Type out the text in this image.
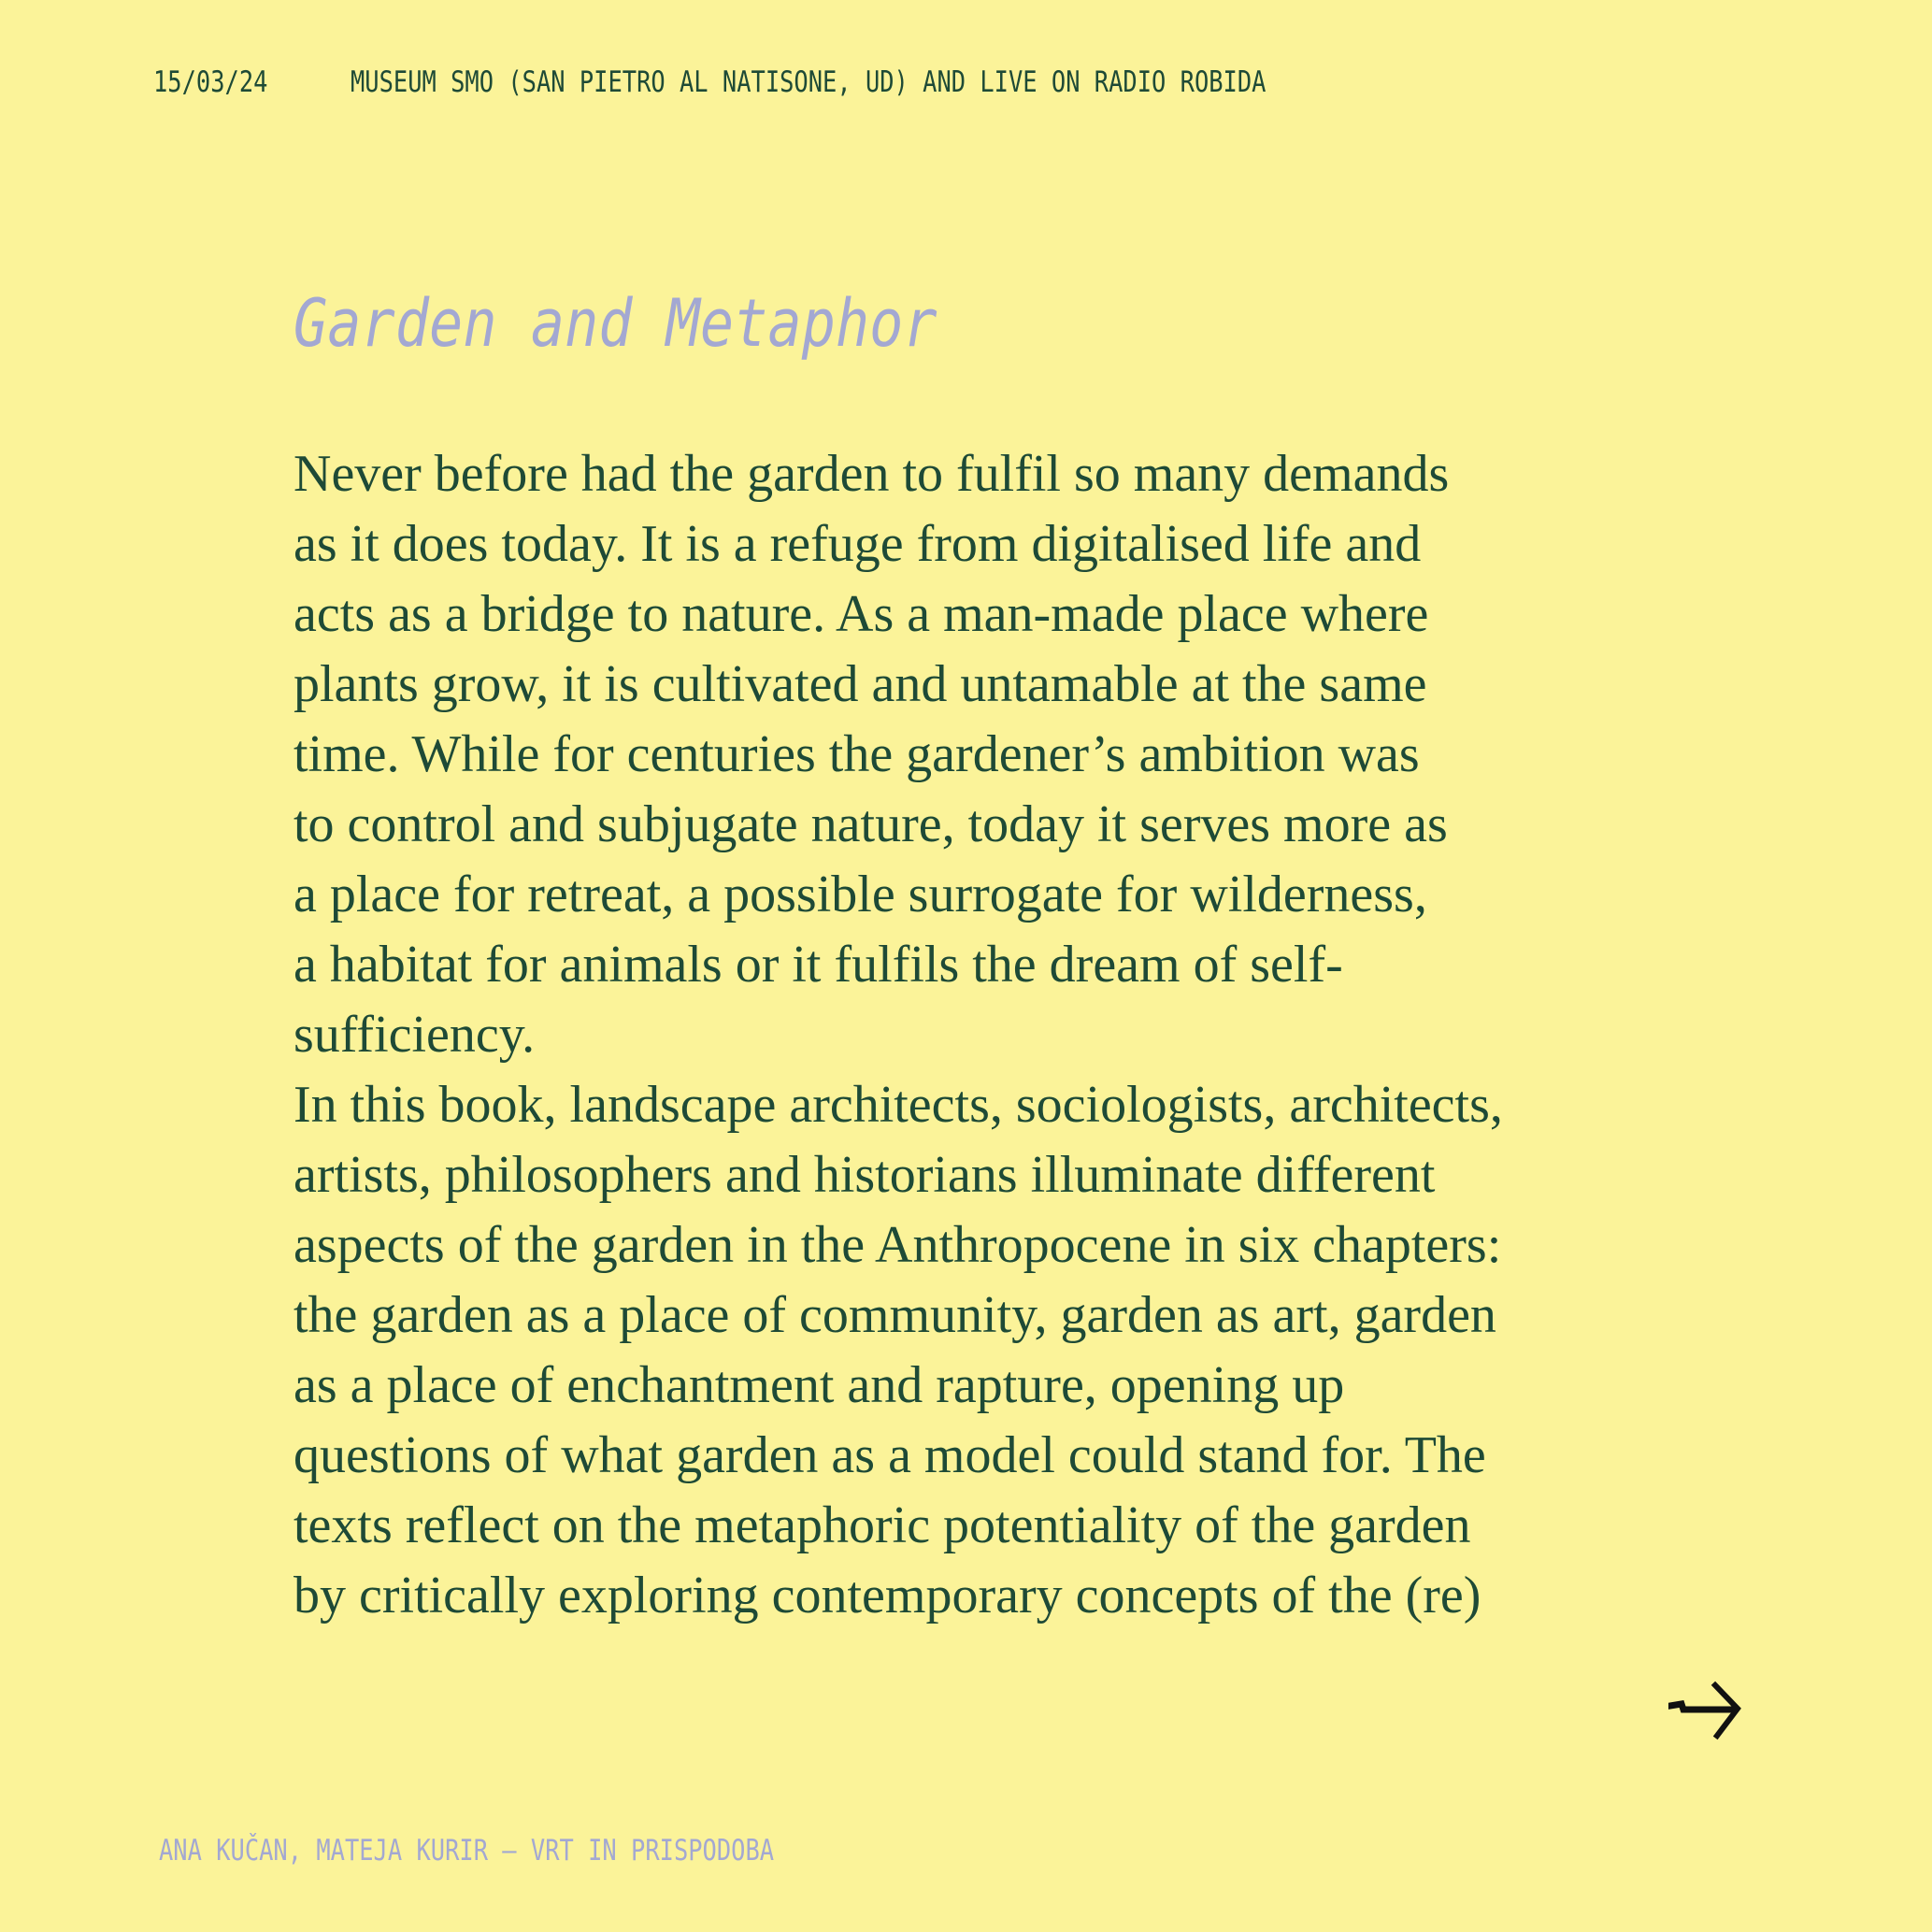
15/03/24	MUSEUM SMO (SAN PIETRO AL NATISONE, UD) AND LIVE ON RADIO ROBIDA
Garden and Metaphor
Never before had the garden to fulfil so many demands
as it does today. It is a refuge from digitalised life and
acts as a bridge to nature. As a man-made place where
plants grow, it is cultivated and untamable at the same
time. While for centuries the gardener’s ambition was
to control and subjugate nature, today it serves more as
a place for retreat, a possible surrogate for wilderness,
a habitat for animals or it fulfils the dream of self-
sufficiency.
In this book, landscape architects, sociologists, architects,
artists, philosophers and historians illuminate different
aspects of the garden in the Anthropocene in six chapters:
the garden as a place of community, garden as art, garden
as a place of enchantment and rapture, opening up
questions of what garden as a model could stand for. The
texts reflect on the metaphoric potentiality of the garden
by critically exploring contemporary concepts of the (re)
ANA KUČAN, MATEJA KURIR – VRT IN PRISPODOBA
